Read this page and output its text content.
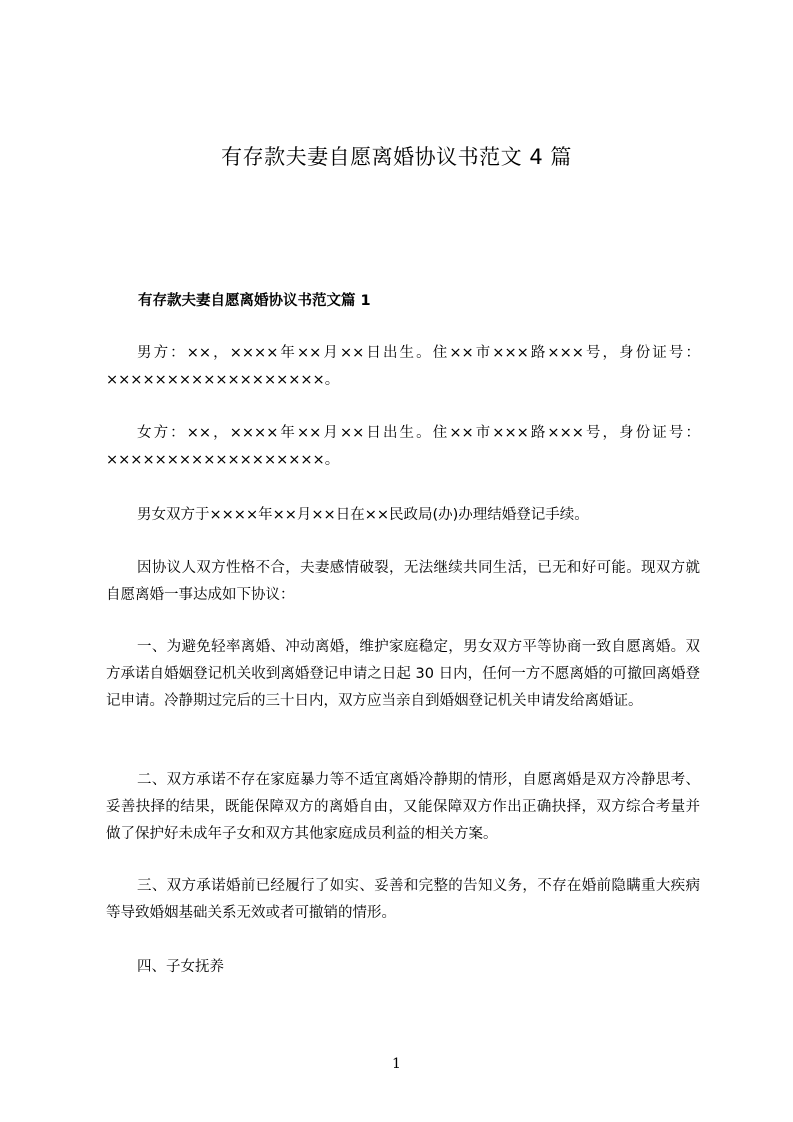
有存款夫妻自愿离婚协议书范文 4 篇
有存款夫妻自愿离婚协议书范文篇 1
男方：××，××××年××月××日出生。住××市×××路×××号，身份证号：××××××××××××××××××。
女方：××，××××年××月××日出生。住××市×××路×××号，身份证号：××××××××××××××××××。
男女双方于××××年××月××日在××民政局(办)办理结婚登记手续。
因协议人双方性格不合，夫妻感情破裂，无法继续共同生活，已无和好可能。现双方就自愿离婚一事达成如下协议：
一、为避免轻率离婚、冲动离婚，维护家庭稳定，男女双方平等协商一致自愿离婚。双方承诺自婚姻登记机关收到离婚登记申请之日起 30 日内，任何一方不愿离婚的可撤回离婚登记申请。冷静期过完后的三十日内，双方应当亲自到婚姻登记机关申请发给离婚证。
二、双方承诺不存在家庭暴力等不适宜离婚冷静期的情形，自愿离婚是双方冷静思考、妥善抉择的结果，既能保障双方的离婚自由，又能保障双方作出正确抉择，双方综合考量并做了保护好未成年子女和双方其他家庭成员利益的相关方案。
三、双方承诺婚前已经履行了如实、妥善和完整的告知义务，不存在婚前隐瞒重大疾病等导致婚姻基础关系无效或者可撤销的情形。
四、子女抚养
1
